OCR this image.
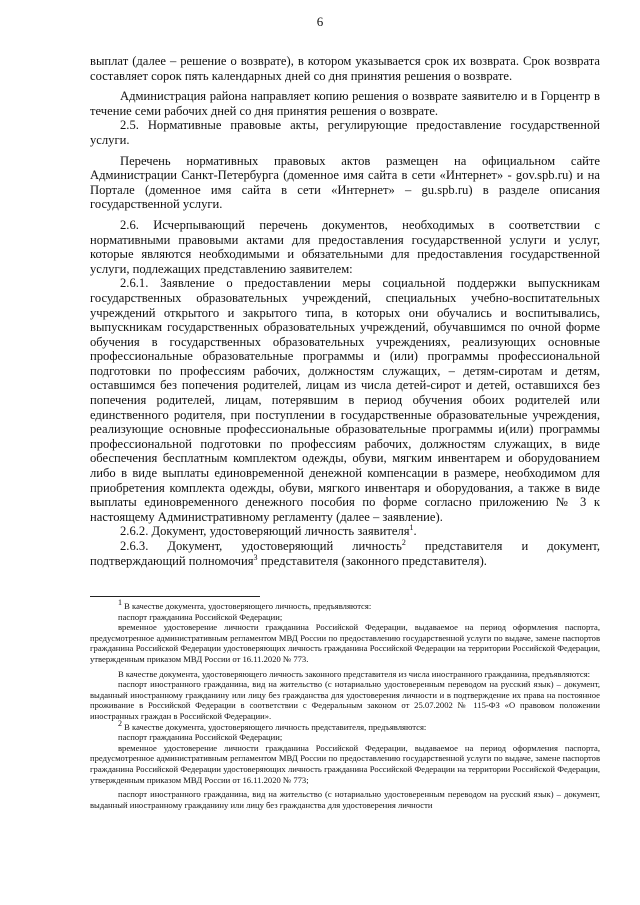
6

выплат (далее – решение о возврате), в котором указывается срок их возврата. Срок возврата составляет сорок пять календарных дней со дня принятия решения о возврате.

Администрация района направляет копию решения о возврате заявителю и в Горцентр в течение семи рабочих дней со дня принятия решения о возврате.

2.5. Нормативные правовые акты, регулирующие предоставление государственной услуги.

Перечень нормативных правовых актов размещен на официальном сайте Администрации Санкт-Петербурга (доменное имя сайта в сети «Интернет» - gov.spb.ru) и на Портале (доменное имя сайта в сети «Интернет» – gu.spb.ru) в разделе описания государственной услуги.

2.6. Исчерпывающий перечень документов, необходимых в соответствии с нормативными правовыми актами для предоставления государственной услуги и услуг, которые являются необходимыми и обязательными для предоставления государственной услуги, подлежащих представлению заявителем:

2.6.1. Заявление о предоставлении меры социальной поддержки выпускникам государственных образовательных учреждений, специальных учебно-воспитательных учреждений открытого и закрытого типа, в которых они обучались и воспитывались, выпускникам государственных образовательных учреждений, обучавшимся по очной форме обучения в государственных образовательных учреждениях, реализующих основные профессиональные образовательные программы и (или) программы профессиональной подготовки по профессиям рабочих, должностям служащих, – детям-сиротам и детям, оставшимся без попечения родителей, лицам из числа детей-сирот и детей, оставшихся без попечения родителей, лицам, потерявшим в период обучения обоих родителей или единственного родителя, при поступлении в государственные образовательные учреждения, реализующие основные профессиональные образовательные программы и(или) программы профессиональной подготовки по профессиям рабочих, должностям служащих, в виде обеспечения бесплатным комплектом одежды, обуви, мягким инвентарем и оборудованием либо в виде выплаты единовременной денежной компенсации в размере, необходимом для приобретения комплекта одежды, обуви, мягкого инвентаря и оборудования, а также в виде выплаты единовременного денежного пособия по форме согласно приложению № 3 к настоящему Административному регламенту (далее – заявление).

2.6.2. Документ, удостоверяющий личность заявителя$^1$.

2.6.3. Документ, удостоверяющий личность$^2$ представителя и документ, подтверждающий полномочия$^3$ представителя (законного представителя).

$^1$ В качестве документа, удостоверяющего личность, предъявляются:

паспорт гражданина Российской Федерации;

временное удостоверение личности гражданина Российской Федерации, выдаваемое на период оформления паспорта, предусмотренное административным регламентом МВД России по предоставлению государственной услуги по выдаче, замене паспортов гражданина Российской Федерации удостоверяющих личность гражданина Российской Федерации на территории Российской Федерации, утвержденным приказом МВД России от 16.11.2020 № 773.

В качестве документа, удостоверяющего личность законного представителя из числа иностранного гражданина, предъявляются:

паспорт иностранного гражданина, вид на жительство (с нотариально удостоверенным переводом на русский язык) – документ, выданный иностранному гражданину или лицу без гражданства для удостоверения личности и в подтверждение их права на постоянное проживание в Российской Федерации в соответствии с Федеральным законом от 25.07.2002 № 115-ФЗ «О правовом положении иностранных граждан в Российской Федерации».

$^2$ В качестве документа, удостоверяющего личность представителя, предъявляются:

паспорт гражданина Российской Федерации;

временное удостоверение личности гражданина Российской Федерации, выдаваемое на период оформления паспорта, предусмотренное административным регламентом МВД России по предоставлению государственной услуги по выдаче, замене паспортов гражданина Российской Федерации удостоверяющих личность гражданина Российской Федерации на территории Российской Федерации, утвержденным приказом МВД России от 16.11.2020 № 773;

паспорт иностранного гражданина, вид на жительство (с нотариально удостоверенным переводом на русский язык) – документ, выданный иностранному гражданину или лицу без гражданства для удостоверения личности
